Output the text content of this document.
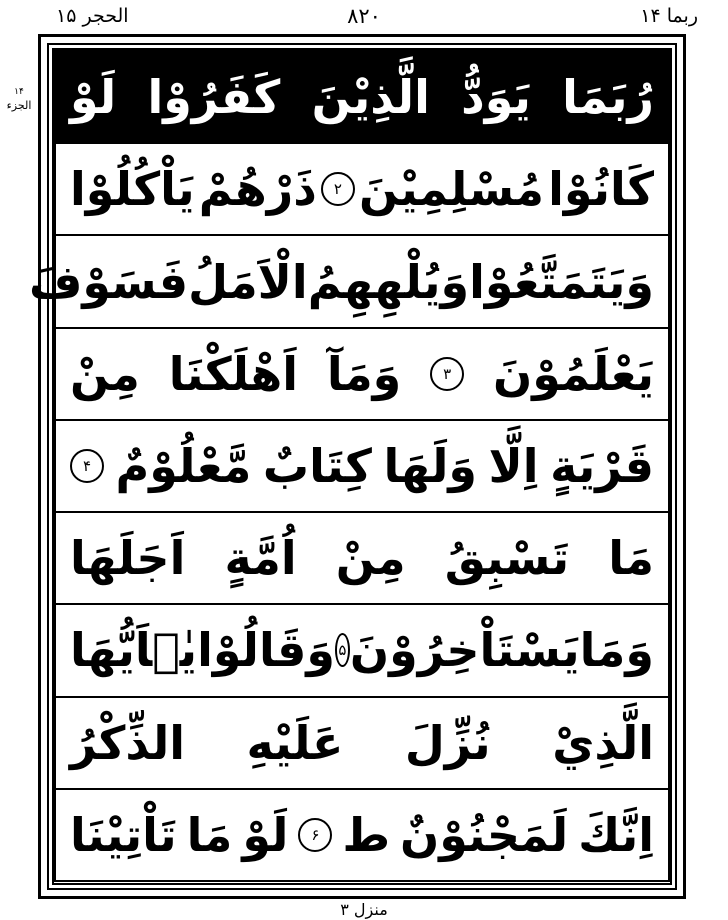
ربما ۱۴
۸۲۰
الحجر ۱۵
۱۴
الجزء	رُبَمَا
يَوَدُّ
الَّذِيْنَ
كَفَرُوْا
لَوْ
كَانُوْا
مُسْلِمِيْنَ
۲
ذَرْهُمْ
يَاْكُلُوْا
وَيَتَمَتَّعُوْا
وَيُلْهِهِمُ
الْاَمَلُ
فَسَوْفَ
يَعْلَمُوْنَ
۳
وَمَآ
اَهْلَكْنَا
مِنْ
قَرْيَةٍ
اِلَّا
وَلَهَا
كِتَابٌ
مَّعْلُوْمٌ
۴
مَا
تَسْبِقُ
مِنْ
اُمَّةٍ
اَجَلَهَا
وَمَا
يَسْتَاْخِرُوْنَ
۵
وَقَالُوْا
يٰۤاَيُّهَا
الَّذِيْ
نُزِّلَ
عَلَيْهِ
الذِّكْرُ
اِنَّكَ
لَمَجْنُوْنٌ
ط
۶
لَوْ
مَا
تَاْتِيْنَا
منزل ۳
